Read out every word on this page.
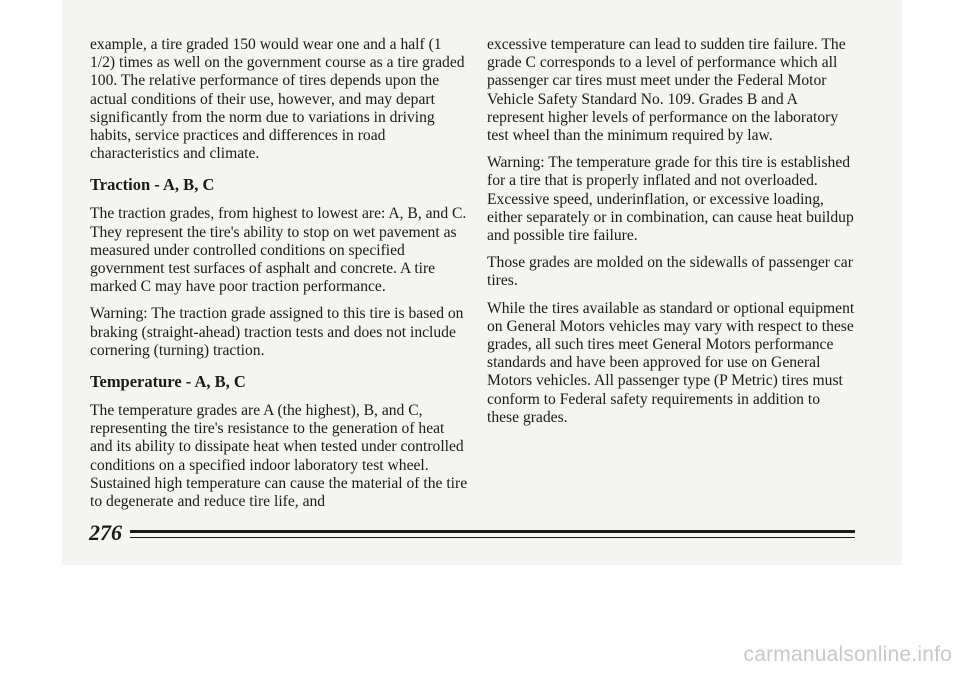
example, a tire graded 150 would wear one and a half (1 1/2) times as well on the government course as a tire graded 100. The relative performance of tires depends upon the actual conditions of their use, however, and may depart significantly from the norm due to variations in driving habits, service practices and differences in road characteristics and climate.

Traction - A, B, C

The traction grades, from highest to lowest are: A, B, and C. They represent the tire's ability to stop on wet pavement as measured under controlled conditions on specified government test surfaces of asphalt and concrete. A tire marked C may have poor traction performance.

Warning: The traction grade assigned to this tire is based on braking (straight-ahead) traction tests and does not include cornering (turning) traction.

Temperature - A, B, C

The temperature grades are A (the highest), B, and C, representing the tire's resistance to the generation of heat and its ability to dissipate heat when tested under controlled conditions on a specified indoor laboratory test wheel. Sustained high temperature can cause the material of the tire to degenerate and reduce tire life, and

excessive temperature can lead to sudden tire failure. The grade C corresponds to a level of performance which all passenger car tires must meet under the Federal Motor Vehicle Safety Standard No. 109. Grades B and A represent higher levels of performance on the laboratory test wheel than the minimum required by law.

Warning: The temperature grade for this tire is established for a tire that is properly inflated and not overloaded. Excessive speed, underinflation, or excessive loading, either separately or in combination, can cause heat buildup and possible tire failure.

Those grades are molded on the sidewalls of passenger car tires.

While the tires available as standard or optional equipment on General Motors vehicles may vary with respect to these grades, all such tires meet General Motors performance standards and have been approved for use on General Motors vehicles. All passenger type (P Metric) tires must conform to Federal safety requirements in addition to these grades.

276
carmanualsonline.info
